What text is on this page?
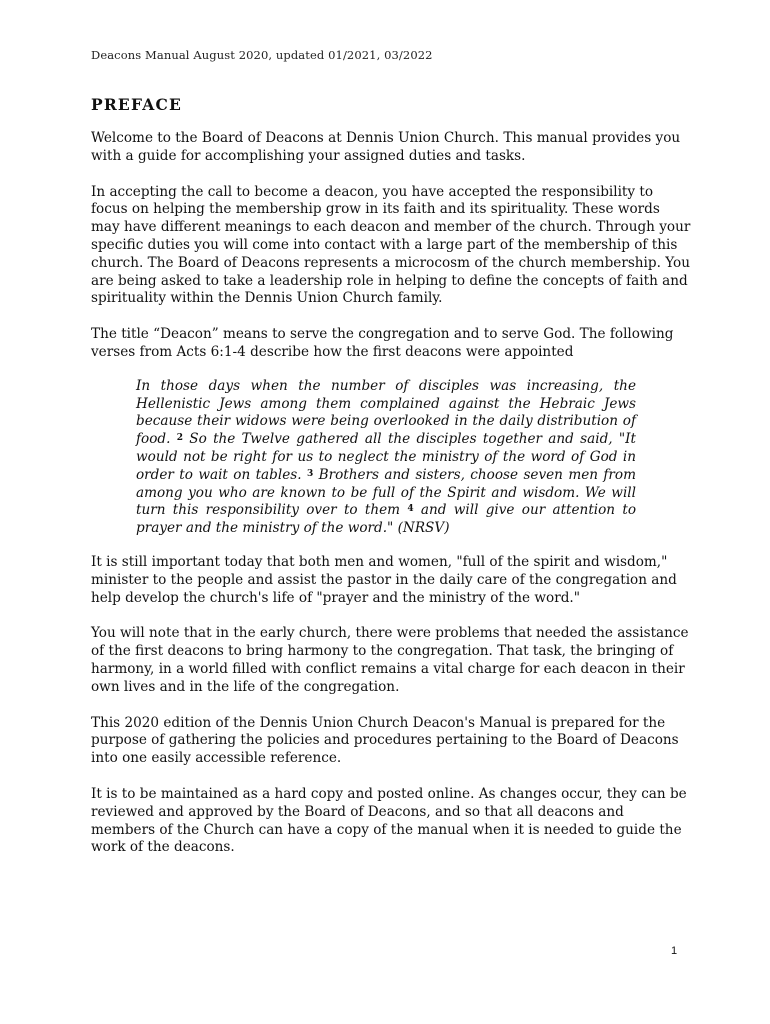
Deacons Manual August 2020, updated 01/2021, 03/2022
PREFACE

Welcome to the Board of Deacons at Dennis Union Church. This manual provides you with a guide for accomplishing your assigned duties and tasks.

In accepting the call to become a deacon, you have accepted the responsibility to focus on helping the membership grow in its faith and its spirituality. These words may have different meanings to each deacon and member of the church. Through your specific duties you will come into contact with a large part of the membership of this church. The Board of Deacons represents a microcosm of the church membership. You are being asked to take a leadership role in helping to define the concepts of faith and spirituality within the Dennis Union Church family.

The title “Deacon” means to serve the congregation and to serve God. The following verses from Acts 6:1-4 describe how the first deacons were appointed

In those days when the number of disciples was increasing, the Hellenistic Jews among them complained against the Hebraic Jews because their widows were being overlooked in the daily distribution of food. $^2$ So the Twelve gathered all the disciples together and said, "It would not be right for us to neglect the ministry of the word of God in order to wait on tables. $^3$ Brothers and sisters, choose seven men from among you who are known to be full of the Spirit and wisdom. We will turn this responsibility over to them $^4$ and will give our attention to prayer and the ministry of the word." (NRSV)

It is still important today that both men and women, "full of the spirit and wisdom," minister to the people and assist the pastor in the daily care of the congregation and help develop the church's life of "prayer and the ministry of the word."

You will note that in the early church, there were problems that needed the assistance of the first deacons to bring harmony to the congregation. That task, the bringing of harmony, in a world filled with conflict remains a vital charge for each deacon in their own lives and in the life of the congregation.

This 2020 edition of the Dennis Union Church Deacon's Manual is prepared for the purpose of gathering the policies and procedures pertaining to the Board of Deacons into one easily accessible reference.

It is to be maintained as a hard copy and posted online. As changes occur, they can be reviewed and approved by the Board of Deacons, and so that all deacons and members of the Church can have a copy of the manual when it is needed to guide the work of the deacons.

1
